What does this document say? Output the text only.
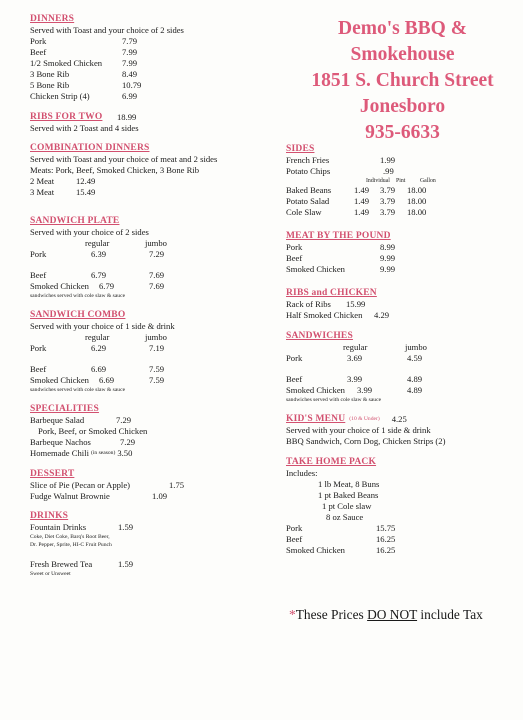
Demo's BBQ &
Smokehouse
1851 S. Church Street
Jonesboro
935-6633
DINNERS
Served with Toast and your choice of 2 sides
Pork	7.79
Beef	7.99
1/2 Smoked Chicken	7.99
3 Bone Rib	8.49
5 Bone Rib	10.79
Chicken Strip (4)	6.99
RIBS FOR TWO	18.99
Served with 2 Toast and 4 sides
COMBINATION DINNERS
Served with Toast and your choice of meat and 2 sides
Meats: Pork, Beef, Smoked Chicken, 3 Bone Rib
2 Meat	12.49
3 Meat	15.49
SANDWICH PLATE
Served with your choice of 2 sides
regular	jumbo
Pork	6.39	7.29
Beef	6.79	7.69
Smoked Chicken	6.79	7.69
sandwiches served with cole slaw & sauce
SANDWICH COMBO
Served with your choice of 1 side & drink
regular	jumbo
Pork	6.29	7.19
Beef	6.69	7.59
Smoked Chicken	6.69	7.59
sandwiches served with cole slaw & sauce
SPECIALITIES
Barbeque Salad	7.29
Pork, Beef, or Smoked Chicken
Barbeque Nachos	7.29
Homemade Chili (in season) 3.50
DESSERT
Slice of Pie (Pecan or Apple)	1.75
Fudge Walnut Brownie	1.09
DRINKS
Fountain Drinks	1.59
Coke, Diet Coke, Barq's Root Beer,
Dr. Pepper, Sprite, HI-C Fruit Punch
Fresh Brewed Tea	1.59
Sweet or Unsweet
SIDES
French Fries	1.99
Potato Chips	.99
Individual	Pint	Gallon
Baked Beans	1.49	3.79	18.00
Potato Salad	1.49	3.79	18.00
Cole Slaw	1.49	3.79	18.00
MEAT BY THE POUND
Pork	8.99
Beef	9.99
Smoked Chicken	9.99
RIBS and CHICKEN
Rack of Ribs	15.99
Half Smoked Chicken	4.29
SANDWICHES
regular	jumbo
Pork	3.69	4.59
Beef	3.99	4.89
Smoked Chicken	3.99	4.89
sandwiches served with cole slaw & sauce
KID'S MENU (10 & Under)	4.25
Served with your choice of 1 side & drink
BBQ Sandwich, Corn Dog, Chicken Strips (2)
TAKE HOME PACK
Includes:
1 lb Meat, 8 Buns
1 pt Baked Beans
1 pt Cole slaw
8 oz Sauce
Pork	15.75
Beef	16.25
Smoked Chicken	16.25
*These Prices DO NOT include Tax
